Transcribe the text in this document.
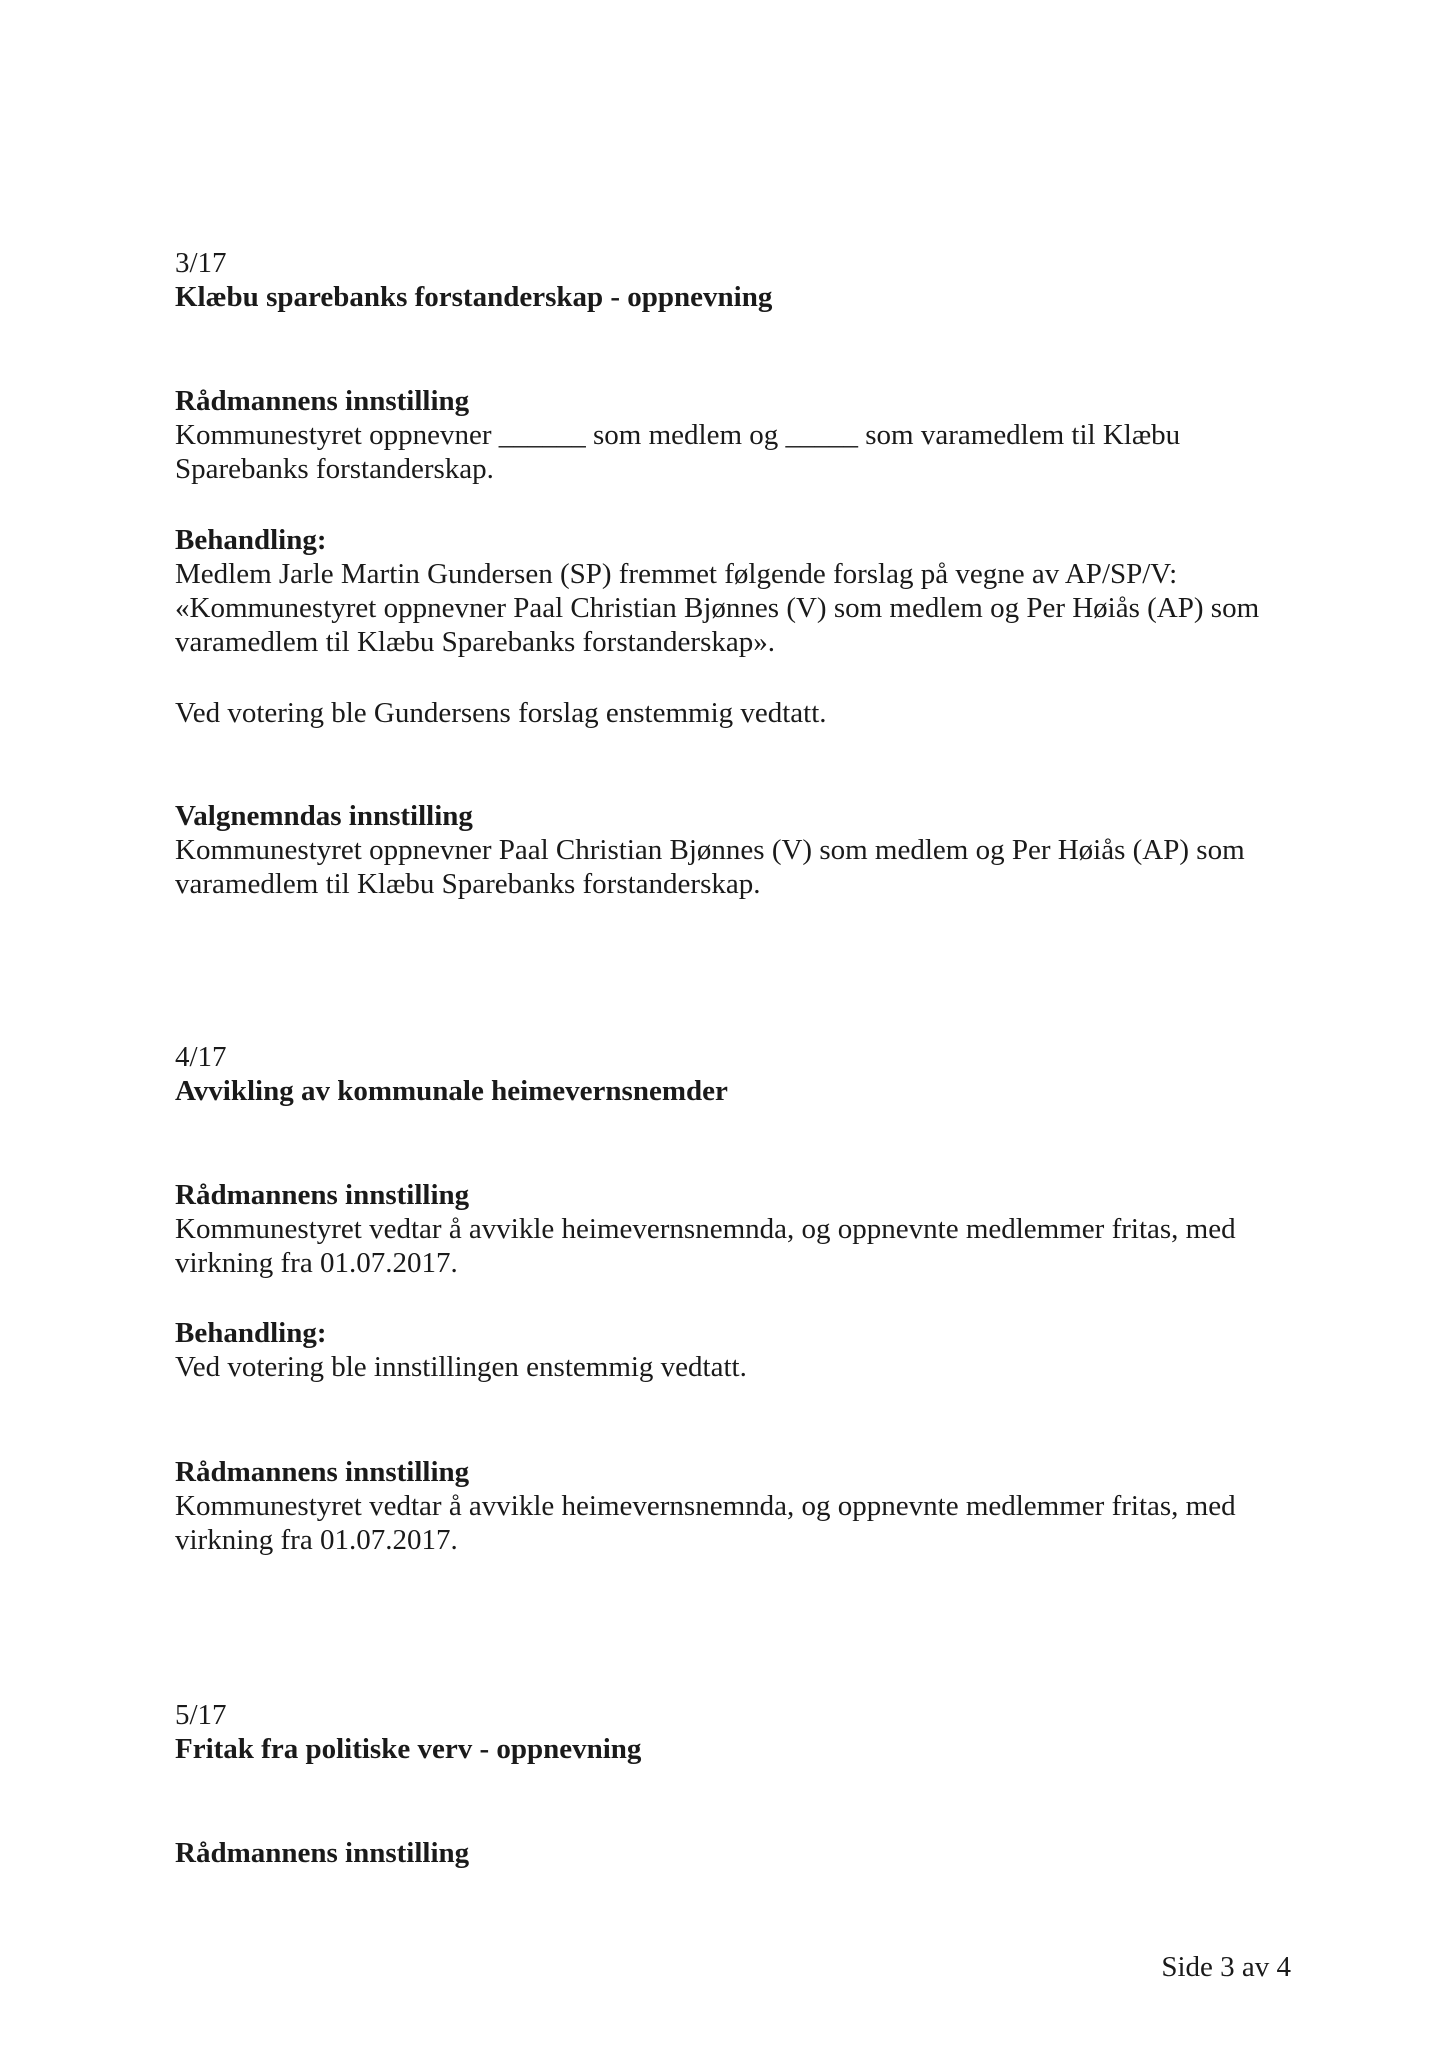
3/17
Klæbu sparebanks forstanderskap - oppnevning
Rådmannens innstilling
Kommunestyret oppnevner ______ som medlem og _____ som varamedlem til Klæbu
Sparebanks forstanderskap.
Behandling:
Medlem Jarle Martin Gundersen (SP) fremmet følgende forslag på vegne av AP/SP/V:
«Kommunestyret oppnevner Paal Christian Bjønnes (V) som medlem og Per Høiås (AP) som
varamedlem til Klæbu Sparebanks forstanderskap».
Ved votering ble Gundersens forslag enstemmig vedtatt.
Valgnemndas innstilling
Kommunestyret oppnevner Paal Christian Bjønnes (V) som medlem og Per Høiås (AP) som
varamedlem til Klæbu Sparebanks forstanderskap.
4/17
Avvikling av kommunale heimevernsnemder
Rådmannens innstilling
Kommunestyret vedtar å avvikle heimevernsnemnda, og oppnevnte medlemmer fritas, med
virkning fra 01.07.2017.
Behandling:
Ved votering ble innstillingen enstemmig vedtatt.
Rådmannens innstilling
Kommunestyret vedtar å avvikle heimevernsnemnda, og oppnevnte medlemmer fritas, med
virkning fra 01.07.2017.
5/17
Fritak fra politiske verv - oppnevning
Rådmannens innstilling
Side 3 av 4
